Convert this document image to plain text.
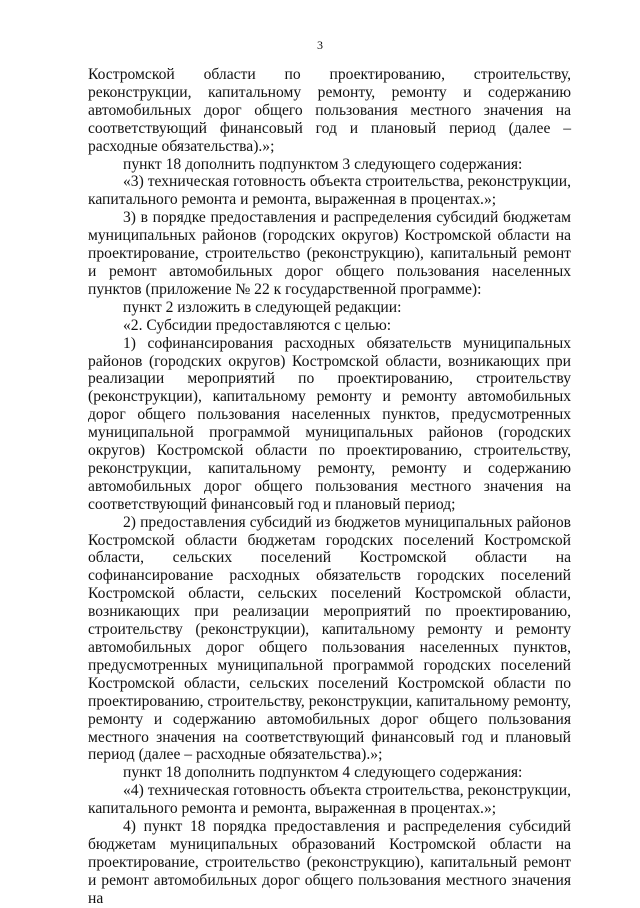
3

Костромской области по проектированию, строительству, реконструкции, капитальному ремонту, ремонту и содержанию автомобильных дорог общего пользования местного значения на соответствующий финансовый год и плановый период (далее – расходные обязательства).»;

пункт 18 дополнить подпунктом 3 следующего содержания:

«3) техническая готовность объекта строительства, реконструкции, капитального ремонта и ремонта, выраженная в процентах.»;

3) в порядке предоставления и распределения субсидий бюджетам муниципальных районов (городских округов) Костромской области на проектирование, строительство (реконструкцию), капитальный ремонт и ремонт автомобильных дорог общего пользования населенных пунктов (приложение № 22 к государственной программе):

пункт 2 изложить в следующей редакции:

«2. Субсидии предоставляются с целью:

1) софинансирования расходных обязательств муниципальных районов (городских округов) Костромской области, возникающих при реализации мероприятий по проектированию, строительству (реконструкции), капитальному ремонту и ремонту автомобильных дорог общего пользования населенных пунктов, предусмотренных муниципальной программой муниципальных районов (городских округов) Костромской области по проектированию, строительству, реконструкции, капитальному ремонту, ремонту и содержанию автомобильных дорог общего пользования местного значения на соответствующий финансовый год и плановый период;

2) предоставления субсидий из бюджетов муниципальных районов Костромской области бюджетам городских поселений Костромской области, сельских поселений Костромской области на софинансирование расходных обязательств городских поселений Костромской области, сельских поселений Костромской области, возникающих при реализации мероприятий по проектированию, строительству (реконструкции), капитальному ремонту и ремонту автомобильных дорог общего пользования населенных пунктов, предусмотренных муниципальной программой городских поселений Костромской области, сельских поселений Костромской области по проектированию, строительству, реконструкции, капитальному ремонту, ремонту и содержанию автомобильных дорог общего пользования местного значения на соответствующий финансовый год и плановый период (далее – расходные обязательства).»;

пункт 18 дополнить подпунктом 4 следующего содержания:

«4) техническая готовность объекта строительства, реконструкции, капитального ремонта и ремонта, выраженная в процентах.»;

4) пункт 18 порядка предоставления и распределения субсидий бюджетам муниципальных образований Костромской области на проектирование, строительство (реконструкцию), капитальный ремонт и ремонт автомобильных дорог общего пользования местного значения на
